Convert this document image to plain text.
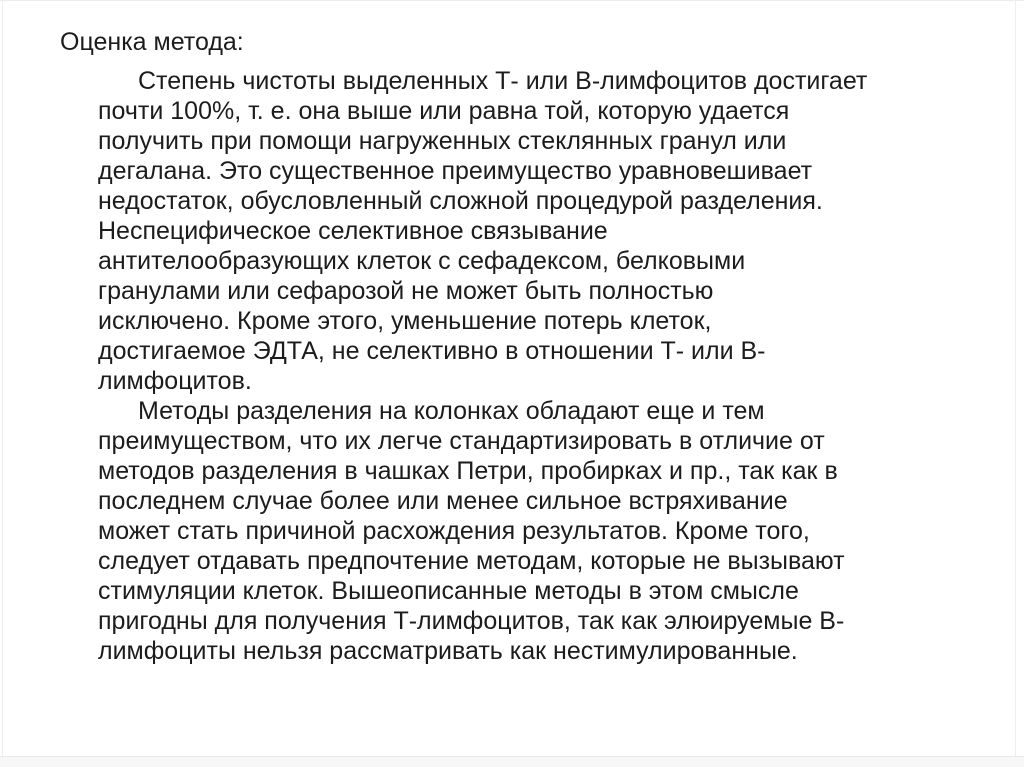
Оценка метода:
Степень чистоты выделенных Т- или В-лимфоцитов достигает
почти 100%, т. е. она выше или равна той, которую удается
получить при помощи нагруженных стеклянных гранул или
дегалана. Это существенное преимущество уравновешивает
недостаток, обусловленный сложной процедурой разделения.
Неспецифическое селективное связывание
антителообразующих клеток с сефадексом, белковыми
гранулами или сефарозой не может быть полностью
исключено. Кроме этого, уменьшение потерь клеток,
достигаемое ЭДТА, не селективно в отношении Т- или В-
лимфоцитов.
Методы разделения на колонках обладают еще и тем
преимуществом, что их легче стандартизировать в отличие от
методов разделения в чашках Петри, пробирках и пр., так как в
последнем случае более или менее сильное встряхивание
может стать причиной расхождения результатов. Кроме того,
следует отдавать предпочтение методам, которые не вызывают
стимуляции клеток. Вышеописанные методы в этом смысле
пригодны для получения Т-лимфоцитов, так как элюируемые В-
лимфоциты нельзя рассматривать как нестимулированные.
